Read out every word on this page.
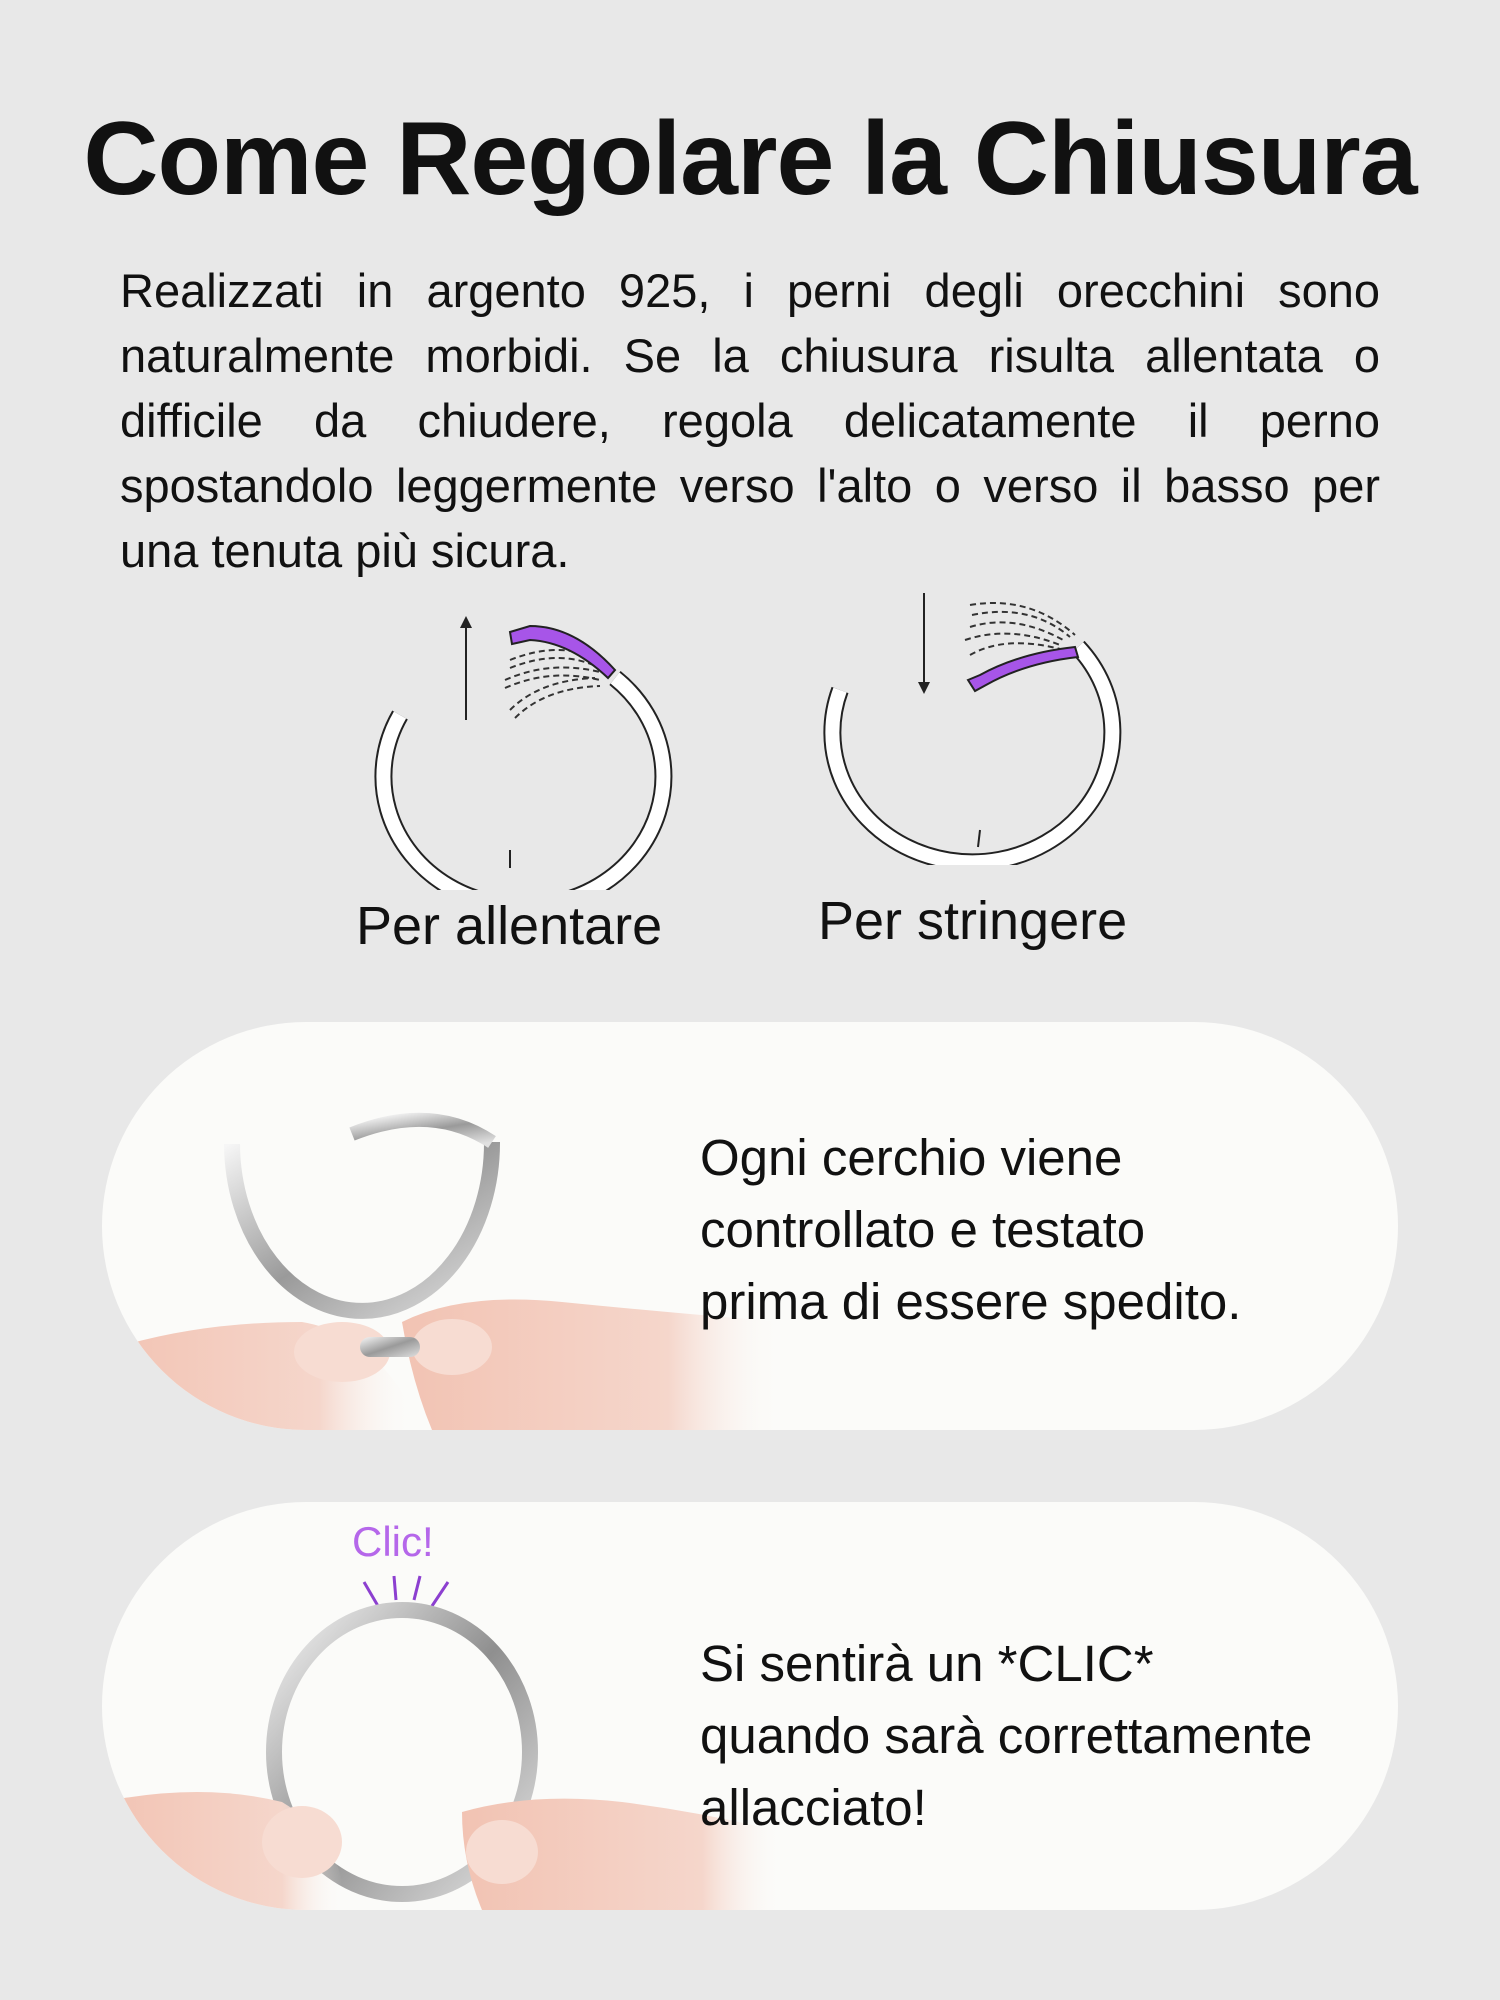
Come Regolare la Chiusura

Realizzati in argento 925, i perni degli orecchini sono naturalmente morbidi. Se la chiusura risulta allentata o difficile da chiudere, regola delicatamente il perno spostandolo leggermente verso l'alto o verso il basso per una tenuta più sicura.

Per allentare	Per stringere

Ogni cerchio viene
controllato e testato
prima di essere spedito.

Clic!

Si sentirà un *CLIC*
quando sarà correttamente
allacciato!
